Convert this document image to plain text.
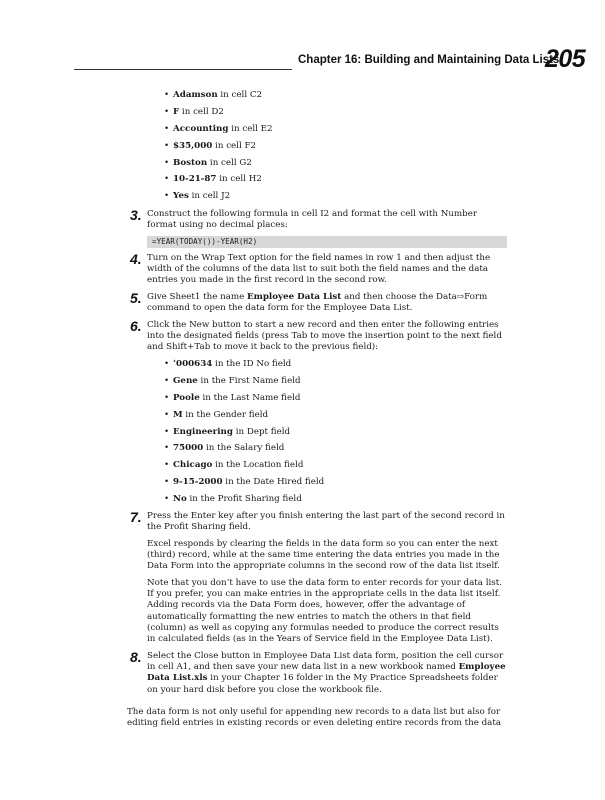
Chapter 16: Building and Maintaining Data Lists
205
• Adamson in cell C2
• F in cell D2
• Accounting in cell E2
• $35,000 in cell F2
• Boston in cell G2
• 10-21-87 in cell H2
• Yes in cell J2
3. Construct the following formula in cell I2 and format the cell with Number format using no decimal places:
=YEAR(TODAY())-YEAR(H2)
4. Turn on the Wrap Text option for the field names in row 1 and then adjust the width of the columns of the data list to suit both the field names and the data entries you made in the first record in the second row.
5. Give Sheet1 the name Employee Data List and then choose the Data⇨Form command to open the data form for the Employee Data List.
6. Click the New button to start a new record and then enter the following entries into the designated fields (press Tab to move the insertion point to the next field and Shift+Tab to move it back to the previous field):
• ‘000634 in the ID No field
• Gene in the First Name field
• Poole in the Last Name field
• M in the Gender field
• Engineering in Dept field
• 75000 in the Salary field
• Chicago in the Location field
• 9-15-2000 in the Date Hired field
• No in the Profit Sharing field
7. Press the Enter key after you finish entering the last part of the second record in the Profit Sharing field.
Excel responds by clearing the fields in the data form so you can enter the next (third) record, while at the same time entering the data entries you made in the Data Form into the appropriate columns in the second row of the data list itself.
Note that you don’t have to use the data form to enter records for your data list. If you prefer, you can make entries in the appropriate cells in the data list itself. Adding records via the Data Form does, however, offer the advantage of automatically formatting the new entries to match the others in that field (column) as well as copying any formulas needed to produce the correct results in calculated fields (as in the Years of Service field in the Employee Data List).
8. Select the Close button in Employee Data List data form, position the cell cursor in cell A1, and then save your new data list in a new workbook named Employee Data List.xls in your Chapter 16 folder in the My Practice Spreadsheets folder on your hard disk before you close the workbook file.
The data form is not only useful for appending new records to a data list but also for editing field entries in existing records or even deleting entire records from the data
